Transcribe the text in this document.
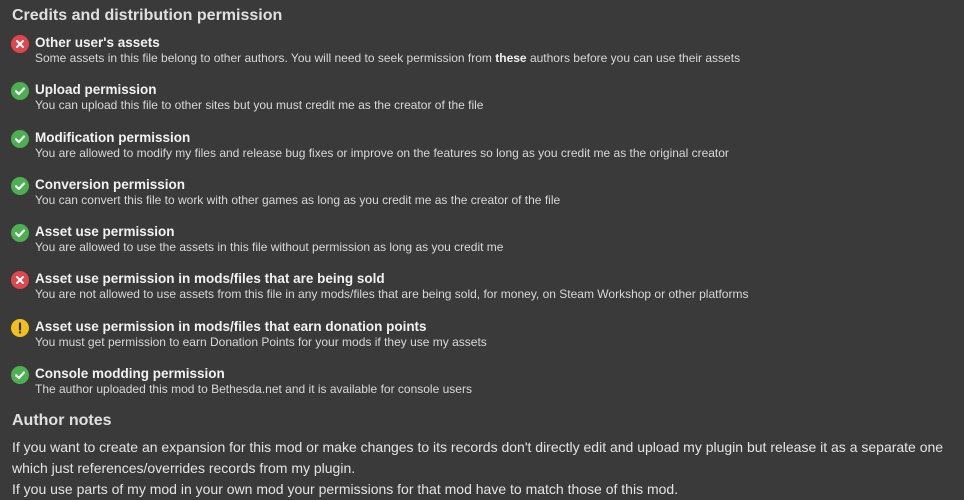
Credits and distribution permission
Other user's assets
Some assets in this file belong to other authors. You will need to seek permission from these authors before you can use their assets
Upload permission
You can upload this file to other sites but you must credit me as the creator of the file
Modification permission
You are allowed to modify my files and release bug fixes or improve on the features so long as you credit me as the original creator
Conversion permission
You can convert this file to work with other games as long as you credit me as the creator of the file
Asset use permission
You are allowed to use the assets in this file without permission as long as you credit me
Asset use permission in mods/files that are being sold
You are not allowed to use assets from this file in any mods/files that are being sold, for money, on Steam Workshop or other platforms
Asset use permission in mods/files that earn donation points
You must get permission to earn Donation Points for your mods if they use my assets
Console modding permission
The author uploaded this mod to Bethesda.net and it is available for console users
Author notes
If you want to create an expansion for this mod or make changes to its records don't directly edit and upload my plugin but release it as a separate one which just references/overrides records from my plugin.
If you use parts of my mod in your own mod your permissions for that mod have to match those of this mod.
